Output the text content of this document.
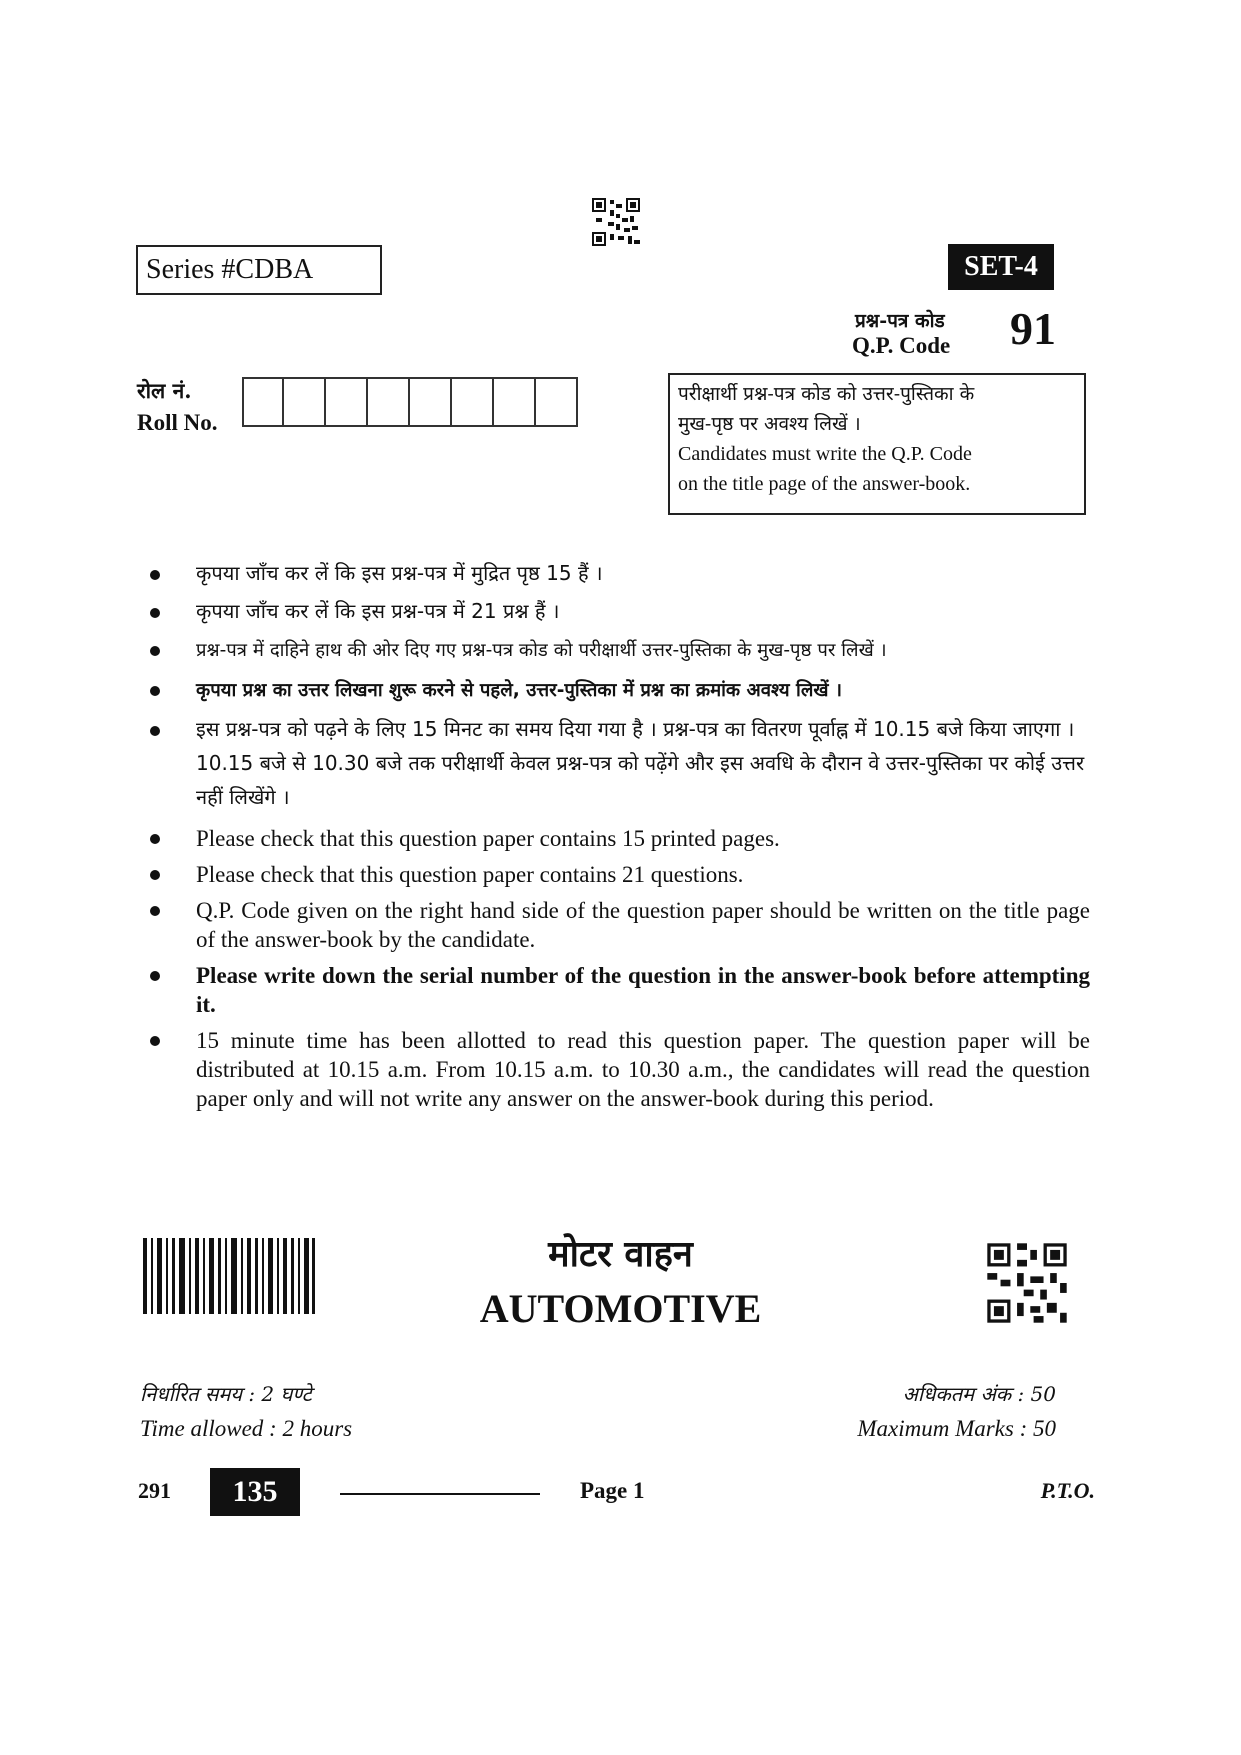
Series #CDBA	SET-4
प्रश्न-पत्र कोड
Q.P. Code 91
रोल नं.
Roll No.
परीक्षार्थी प्रश्न-पत्र कोड को उत्तर-पुस्तिका के
मुख-पृष्ठ पर अवश्य लिखें ।
Candidates must write the Q.P. Code
on the title page of the answer-book.
कृपया जाँच कर लें कि इस प्रश्न-पत्र में मुद्रित पृष्ठ 15 हैं ।
कृपया जाँच कर लें कि इस प्रश्न-पत्र में 21 प्रश्न हैं ।
प्रश्न-पत्र में दाहिने हाथ की ओर दिए गए प्रश्न-पत्र कोड को परीक्षार्थी उत्तर-पुस्तिका के मुख-पृष्ठ पर लिखें ।
कृपया प्रश्न का उत्तर लिखना शुरू करने से पहले, उत्तर-पुस्तिका में प्रश्न का क्रमांक अवश्य लिखें ।
इस प्रश्न-पत्र को पढ़ने के लिए 15 मिनट का समय दिया गया है । प्रश्न-पत्र का वितरण पूर्वाह्न में 10.15 बजे किया जाएगा । 10.15 बजे से 10.30 बजे तक परीक्षार्थी केवल प्रश्न-पत्र को पढ़ेंगे और इस अवधि के दौरान वे उत्तर-पुस्तिका पर कोई उत्तर नहीं लिखेंगे ।
Please check that this question paper contains 15 printed pages.
Please check that this question paper contains 21 questions.
Q.P. Code given on the right hand side of the question paper should be written on the title page of the answer-book by the candidate.
Please write down the serial number of the question in the answer-book before attempting it.
15 minute time has been allotted to read this question paper. The question paper will be distributed at 10.15 a.m. From 10.15 a.m. to 10.30 a.m., the candidates will read the question paper only and will not write any answer on the answer-book during this period.
मोटर वाहन
AUTOMOTIVE
निर्धारित समय : 2 घण्टे
Time allowed : 2 hours
अधिकतम अंक : 50
Maximum Marks : 50
291	135	Page 1	P.T.O.
